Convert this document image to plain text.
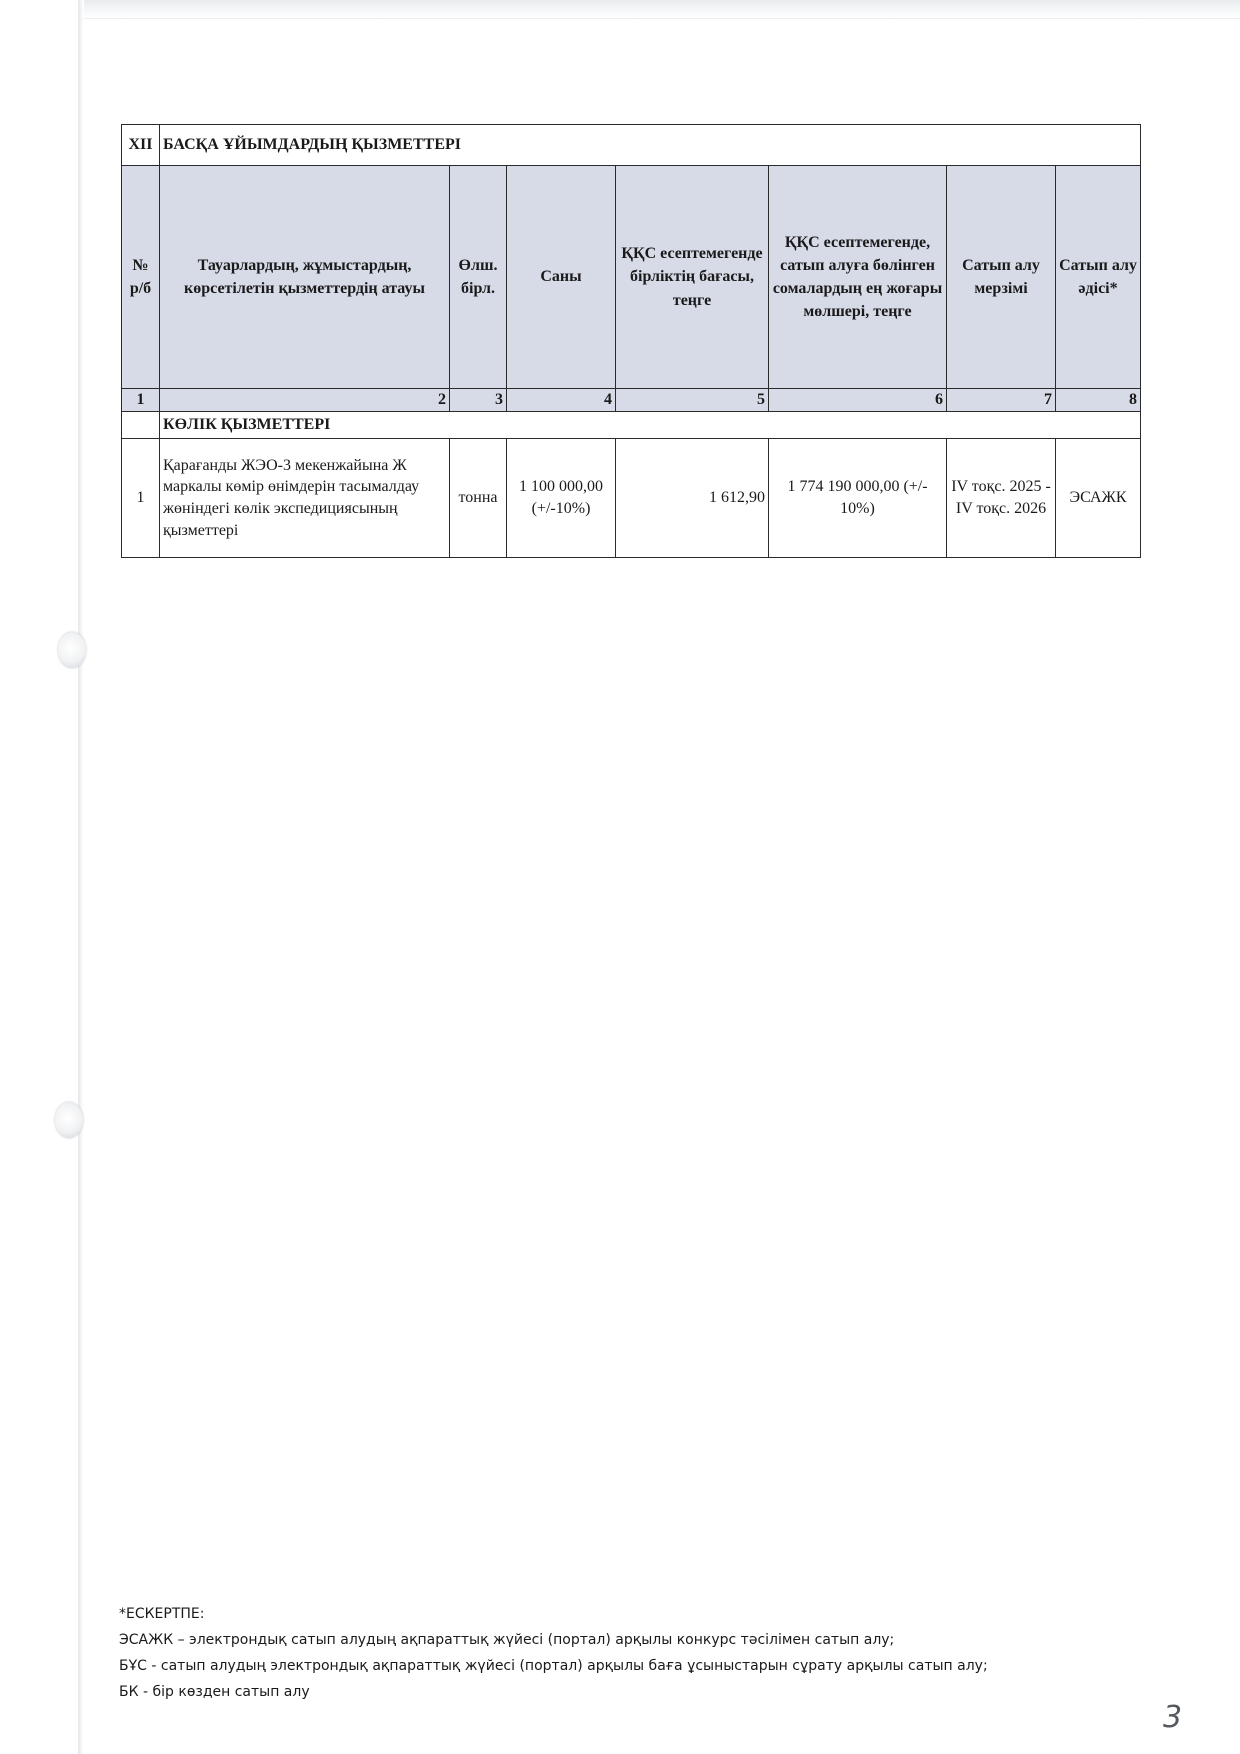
XII	БАСҚА ҰЙЫМДАРДЫҢ ҚЫЗМЕТТЕРІ						
№ р/б	Тауарлардың, жұмыстардың, көрсетілетін қызметтердің атауы	Өлш. бірл.	Саны	ҚҚС есептемегенде бірліктің бағасы, теңге	ҚҚС есептемегенде, сатып алуға бөлінген сомалардың ең жоғары мөлшері, теңге	Сатып алу мерзімі	Сатып алу әдісі*
1	2	3	4	5	6	7	8
	КӨЛІК ҚЫЗМЕТТЕРІ						
1	Қарағанды ЖЭО-3 мекенжайына Ж маркалы көмір өнімдерін тасымалдау жөніндегі көлік экспедициясының қызметтері	тонна	1 100 000,00 (+/-10%)	1 612,90	1 774 190 000,00 (+/- 10%)	IV тоқс. 2025 - IV тоқс. 2026	ЭСАЖК
*ЕСКЕРТПЕ:
ЭСАЖК – электрондық сатып алудың ақпараттық жүйесі (портал) арқылы конкурс тәсілімен сатып алу;
БҰС - сатып алудың электрондық ақпараттық жүйесі (портал) арқылы баға ұсыныстарын сұрату арқылы сатып алу;
БК - бір көзден сатып алу
3
